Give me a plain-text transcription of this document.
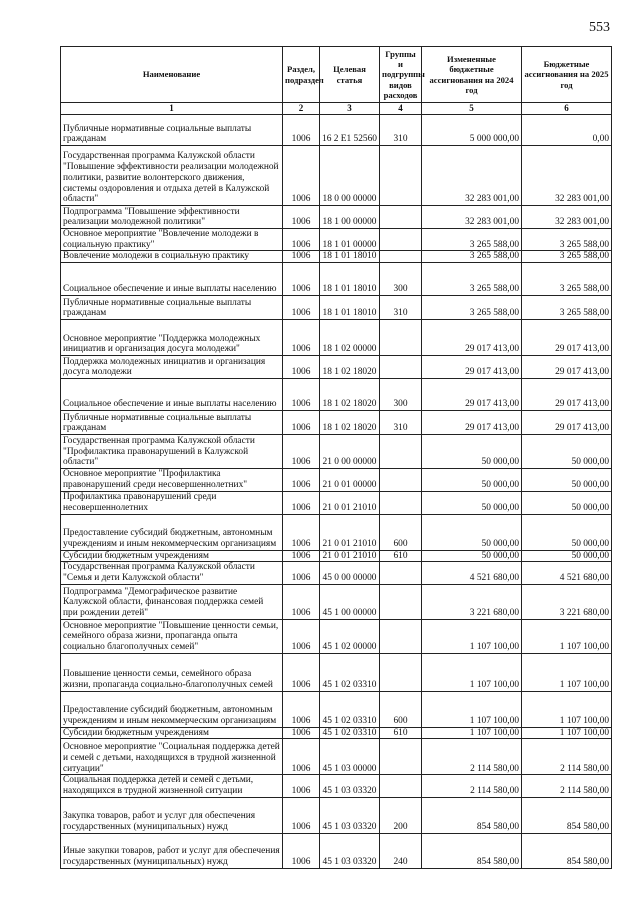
553
Наименование	Раздел, подраздел	Целевая статья	Группы и подгруппы видов расходов	Измененные бюджетные ассигнования на 2024 год	Бюджетные ассигнования на 2025 год
1	2	3	4	5	6
Публичные нормативные социальные выплаты гражданам	1006	16 2 E1 52560	310	5 000 000,00	0,00
Государственная программа Калужской области "Повышение эффективности реализации молодежной политики, развитие волонтерского движения, системы оздоровления и отдыха детей в Калужской области"	1006	18 0 00 00000		32 283 001,00	32 283 001,00
Подпрограмма "Повышение эффективности реализации молодежной политики"	1006	18 1 00 00000		32 283 001,00	32 283 001,00
Основное мероприятие "Вовлечение молодежи в социальную практику"	1006	18 1 01 00000		3 265 588,00	3 265 588,00
Вовлечение молодежи в социальную практику	1006	18 1 01 18010		3 265 588,00	3 265 588,00
Социальное обеспечение и иные выплаты населению	1006	18 1 01 18010	300	3 265 588,00	3 265 588,00
Публичные нормативные социальные выплаты гражданам	1006	18 1 01 18010	310	3 265 588,00	3 265 588,00
Основное мероприятие "Поддержка молодежных инициатив и организация досуга молодежи"	1006	18 1 02 00000		29 017 413,00	29 017 413,00
Поддержка молодежных инициатив и организация досуга молодежи	1006	18 1 02 18020		29 017 413,00	29 017 413,00
Социальное обеспечение и иные выплаты населению	1006	18 1 02 18020	300	29 017 413,00	29 017 413,00
Публичные нормативные социальные выплаты гражданам	1006	18 1 02 18020	310	29 017 413,00	29 017 413,00
Государственная программа Калужской области "Профилактика правонарушений в Калужской области"	1006	21 0 00 00000		50 000,00	50 000,00
Основное мероприятие "Профилактика правонарушений среди несовершеннолетних"	1006	21 0 01 00000		50 000,00	50 000,00
Профилактика правонарушений среди несовершеннолетних	1006	21 0 01 21010		50 000,00	50 000,00
Предоставление субсидий бюджетным, автономным учреждениям и иным некоммерческим организациям	1006	21 0 01 21010	600	50 000,00	50 000,00
Субсидии бюджетным учреждениям	1006	21 0 01 21010	610	50 000,00	50 000,00
Государственная программа Калужской области "Семья и дети Калужской области"	1006	45 0 00 00000		4 521 680,00	4 521 680,00
Подпрограмма "Демографическое развитие Калужской области, финансовая поддержка семей при рождении детей"	1006	45 1 00 00000		3 221 680,00	3 221 680,00
Основное мероприятие "Повышение ценности семьи, семейного образа жизни, пропаганда опыта социально благополучных семей"	1006	45 1 02 00000		1 107 100,00	1 107 100,00
Повышение ценности семьи, семейного образа жизни, пропаганда социально-благополучных семей	1006	45 1 02 03310		1 107 100,00	1 107 100,00
Предоставление субсидий бюджетным, автономным учреждениям и иным некоммерческим организациям	1006	45 1 02 03310	600	1 107 100,00	1 107 100,00
Субсидии бюджетным учреждениям	1006	45 1 02 03310	610	1 107 100,00	1 107 100,00
Основное мероприятие "Социальная поддержка детей и семей с детьми, находящихся в трудной жизненной ситуации"	1006	45 1 03 00000		2 114 580,00	2 114 580,00
Социальная поддержка детей и семей с детьми, находящихся в трудной жизненной ситуации	1006	45 1 03 03320		2 114 580,00	2 114 580,00
Закупка товаров, работ и услуг для обеспечения государственных (муниципальных) нужд	1006	45 1 03 03320	200	854 580,00	854 580,00
Иные закупки товаров, работ и услуг для обеспечения государственных (муниципальных) нужд	1006	45 1 03 03320	240	854 580,00	854 580,00
